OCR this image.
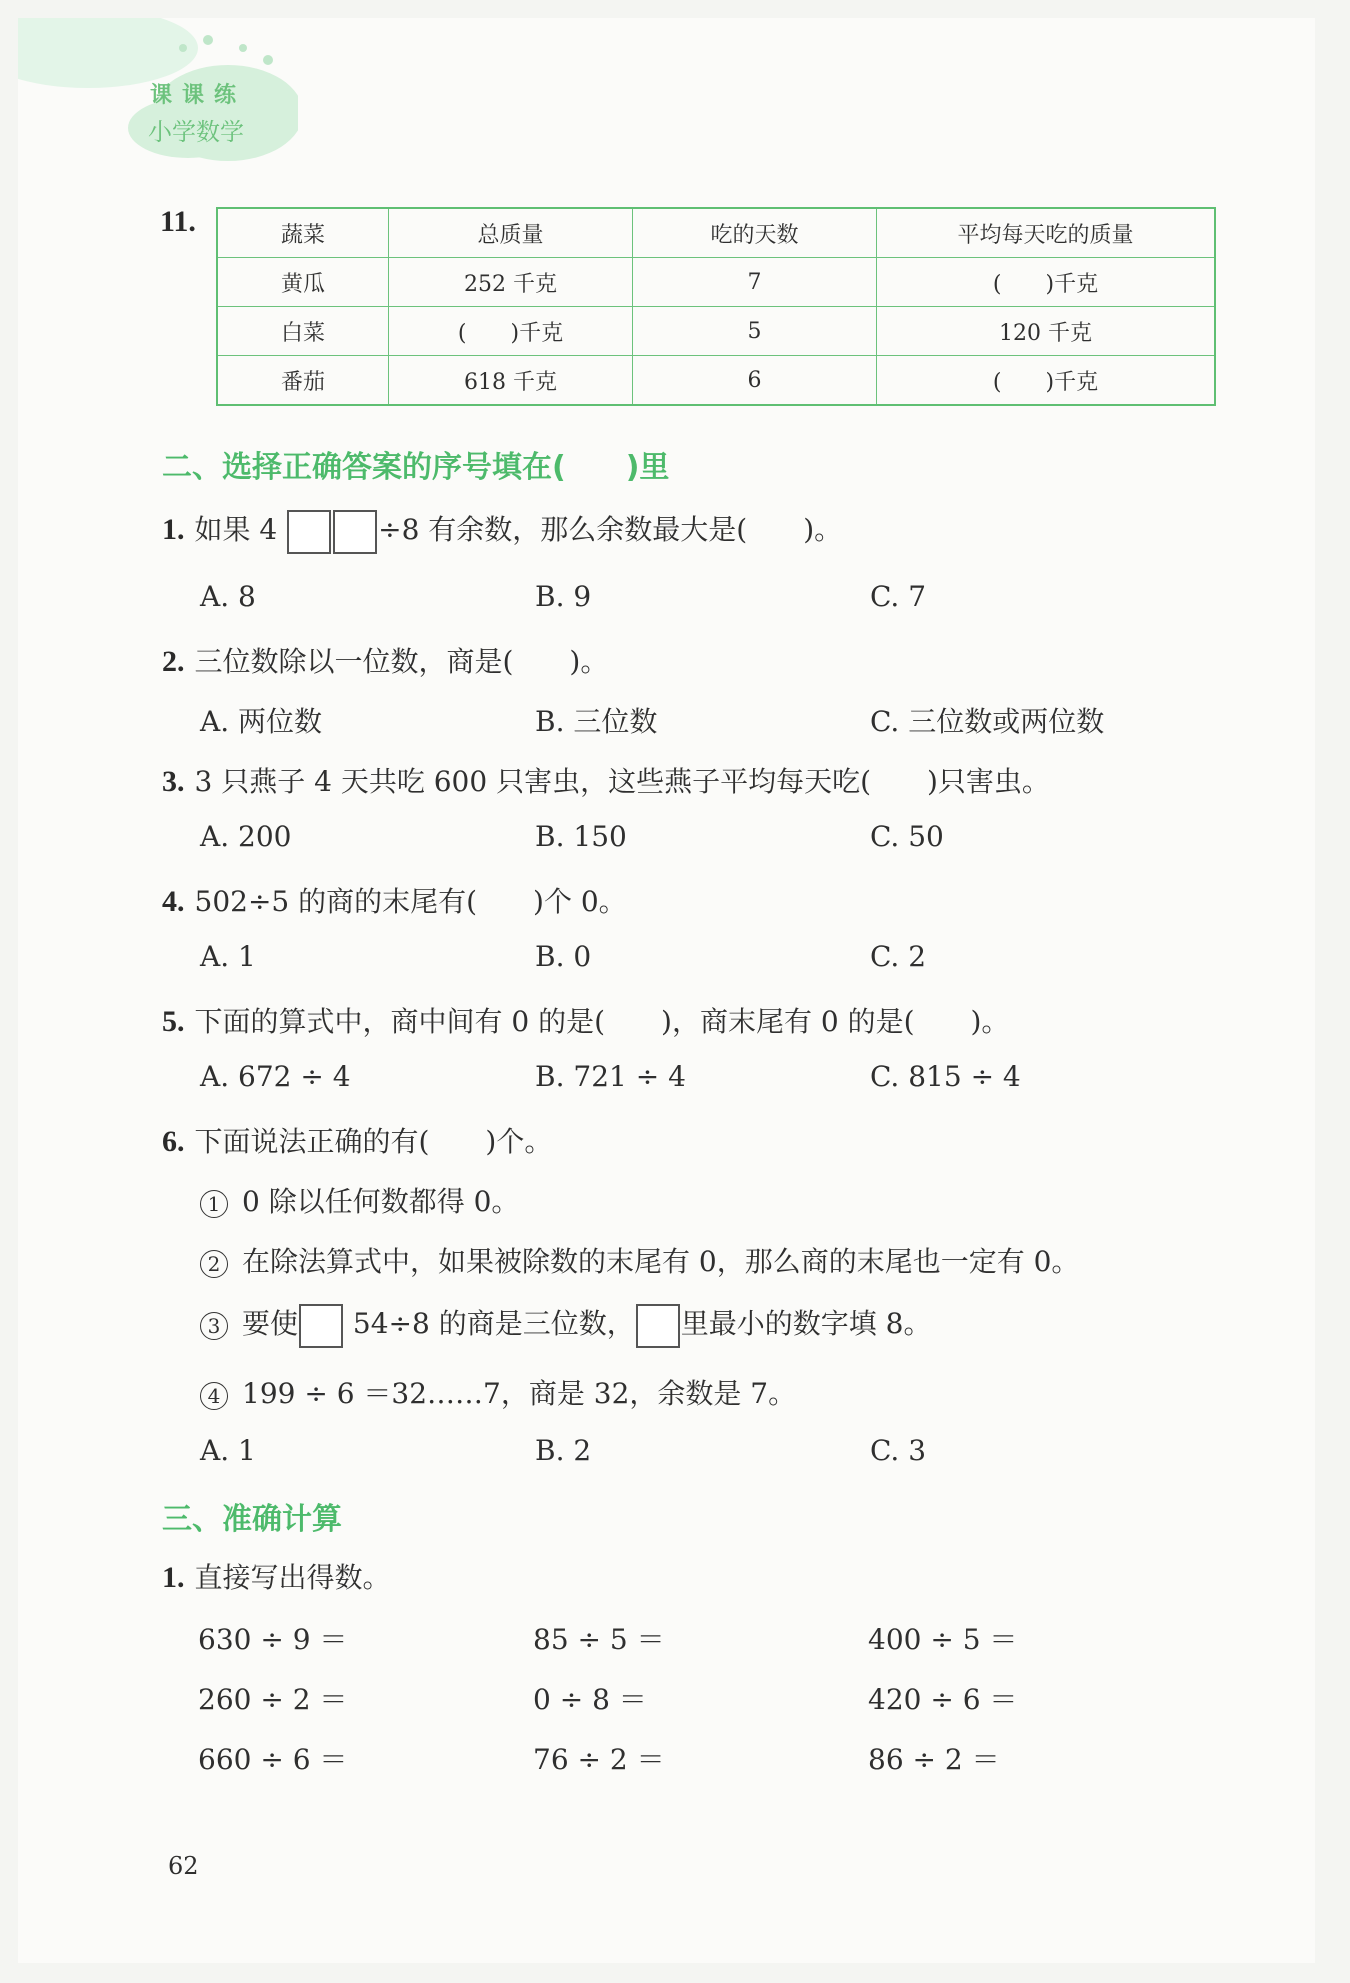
课课练
小学数学
11.	蔬菜	总质量	吃的天数	平均每天吃的质量
黄瓜	252 千克	7	(　　)千克
白菜	(　　)千克	5	120 千克
番茄	618 千克	6	(　　)千克
二、选择正确答案的序号填在(　　)里
1. 如果 4	÷8 有余数，那么余数最大是(　　)。
A. 8	B. 9	C. 7
2. 三位数除以一位数，商是(　　)。
A. 两位数	B. 三位数	C. 三位数或两位数
3. 3 只燕子 4 天共吃 600 只害虫，这些燕子平均每天吃(　　)只害虫。
A. 200	B. 150	C. 50
4. 502÷5 的商的末尾有(　　)个 0。
A. 1	B. 0	C. 2
5. 下面的算式中，商中间有 0 的是(　　)，商末尾有 0 的是(　　)。
A. 672 ÷ 4	B. 721 ÷ 4	C. 815 ÷ 4
6. 下面说法正确的有(　　)个。
1 0 除以任何数都得 0。
2 在除法算式中，如果被除数的末尾有 0，那么商的末尾也一定有 0。
3 要使 54÷8 的商是三位数， 里最小的数字填 8。
4 199 ÷ 6 ＝32……7，商是 32，余数是 7。
A. 1	B. 2	C. 3
三、准确计算
1. 直接写出得数。
630 ÷ 9 ＝	85 ÷ 5 ＝	400 ÷ 5 ＝
260 ÷ 2 ＝	0 ÷ 8 ＝	420 ÷ 6 ＝
660 ÷ 6 ＝	76 ÷ 2 ＝	86 ÷ 2 ＝
62
